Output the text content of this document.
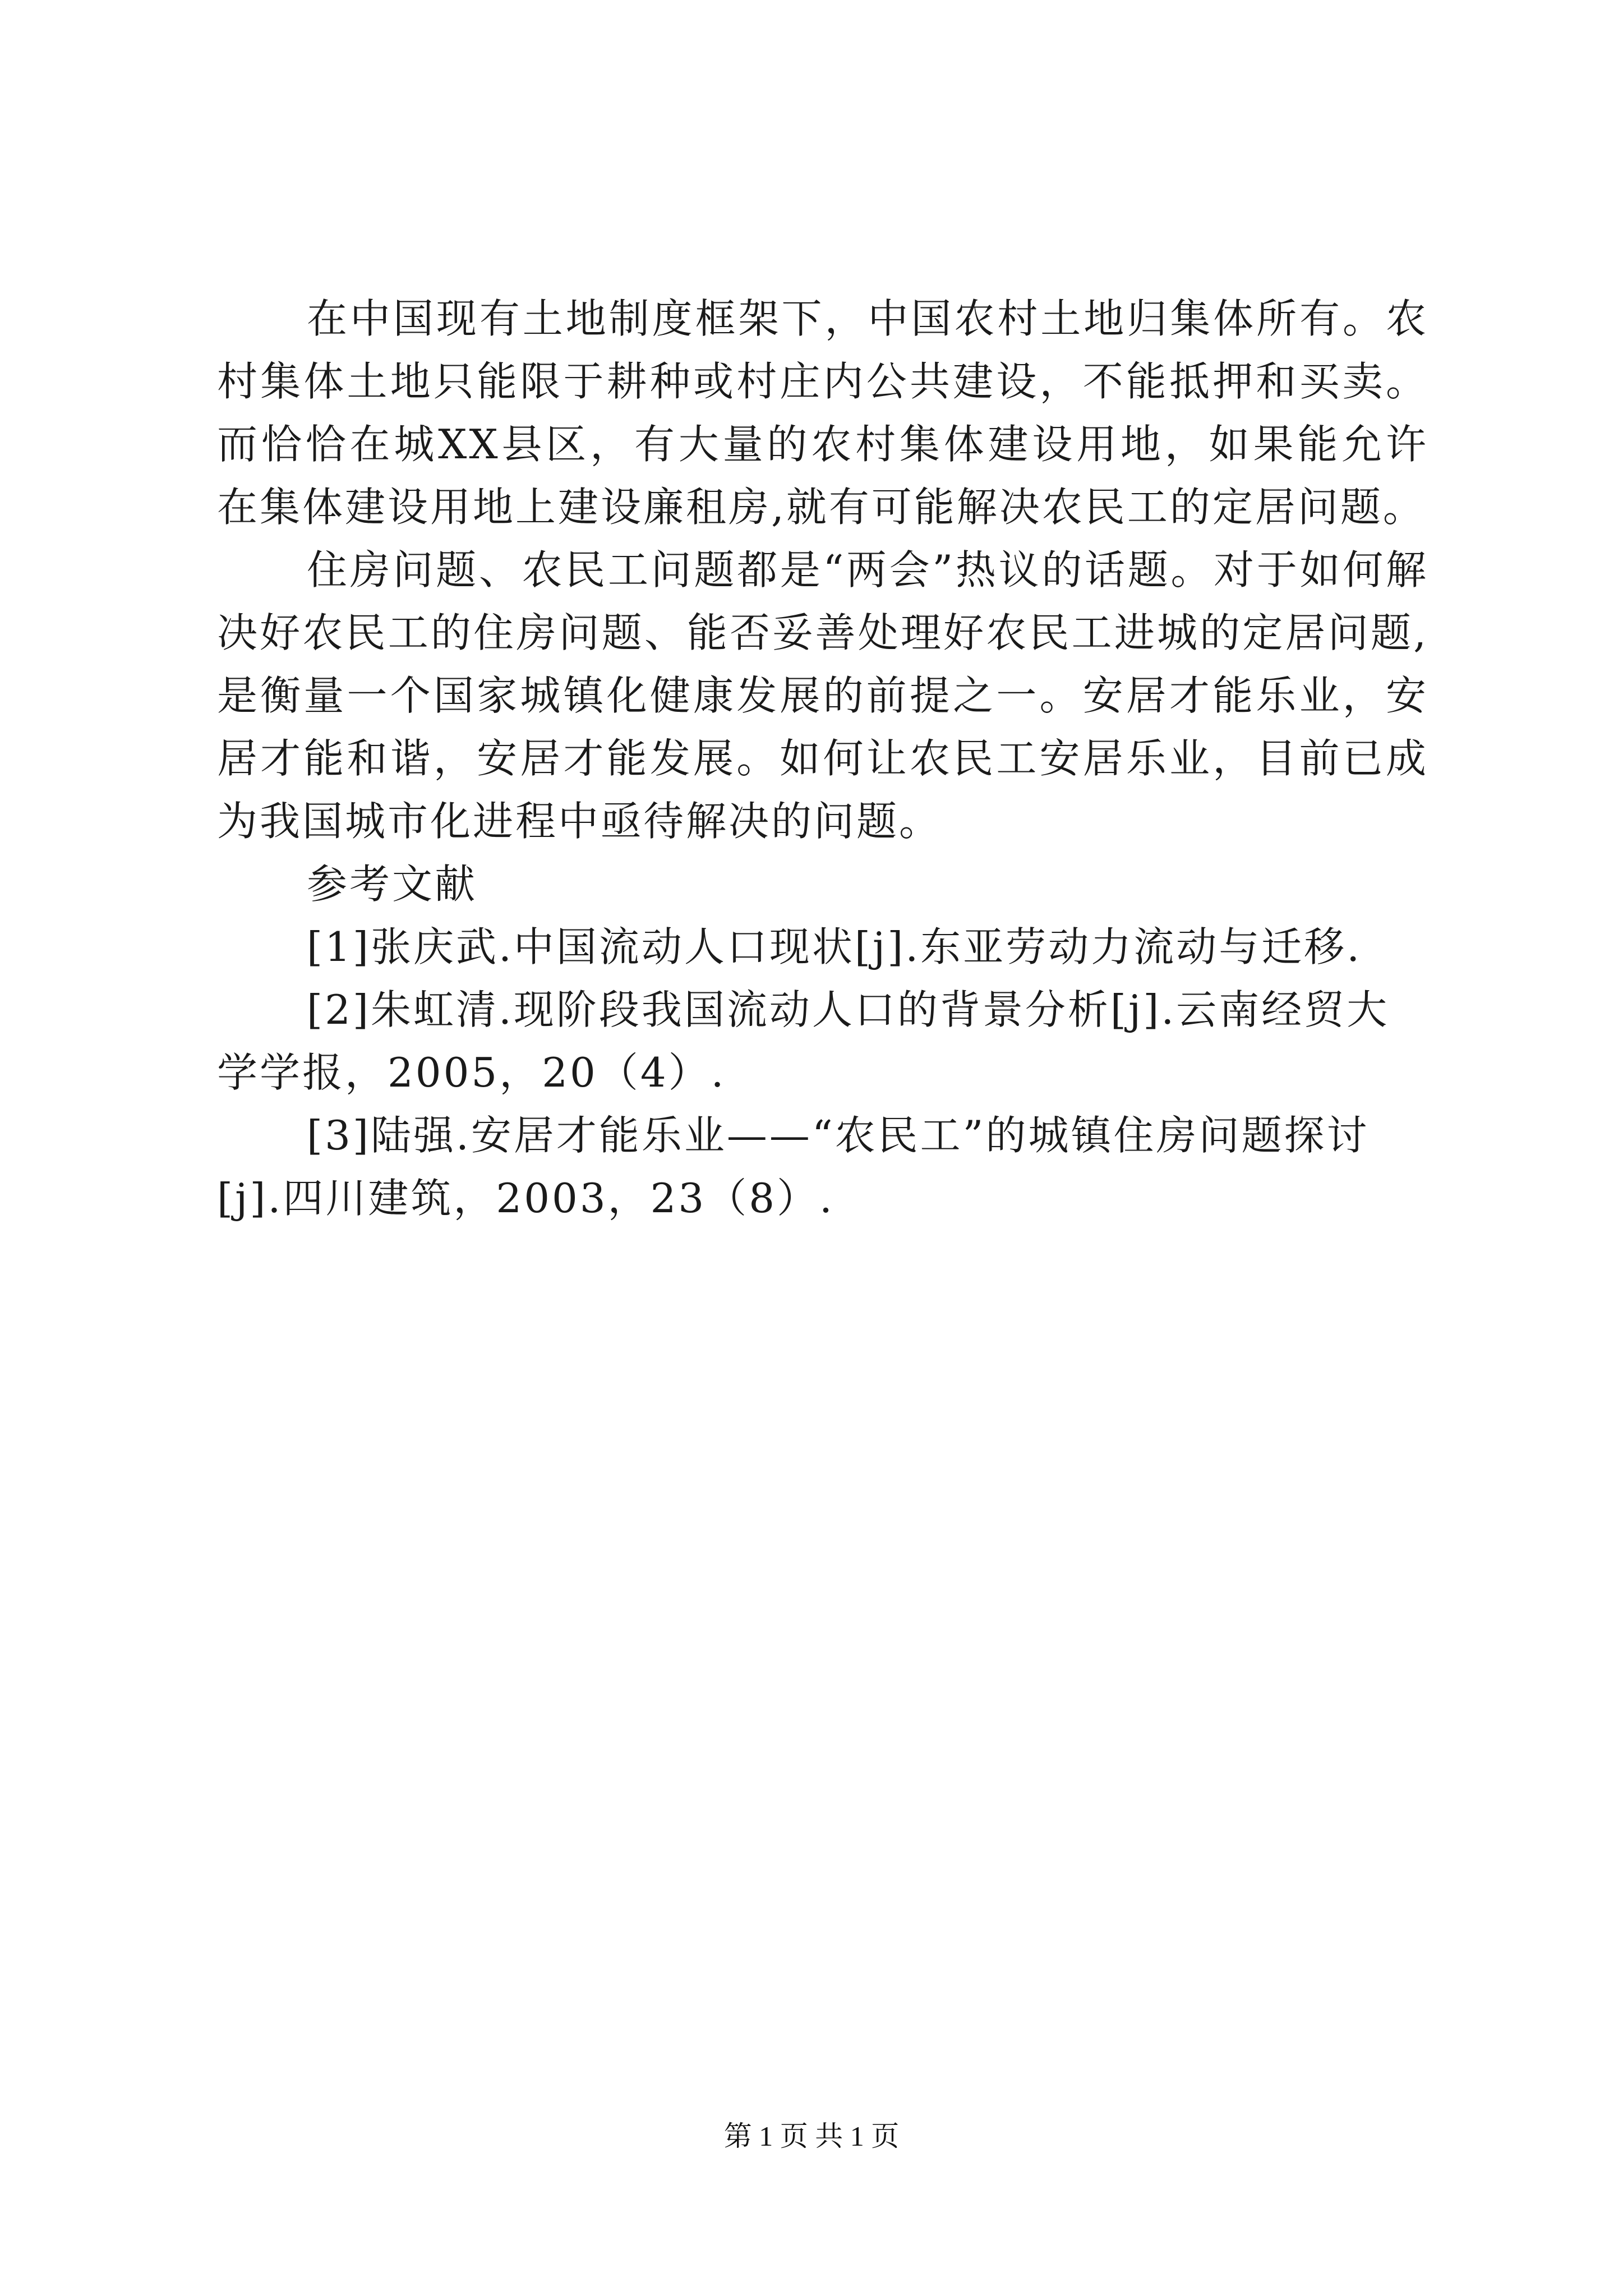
在中国现有土地制度框架下，中国农村土地归集体所有。农村集体土地只能限于耕种或村庄内公共建设，不能抵押和买卖。而恰恰在城XX县区，有大量的农村集体建设用地，如果能允许在集体建设用地上建设廉租房,就有可能解决农民工的定居问题。

住房问题、农民工问题都是“两会”热议的话题。对于如何解决好农民工的住房问题、能否妥善处理好农民工进城的定居问题,是衡量一个国家城镇化健康发展的前提之一。安居才能乐业，安居才能和谐，安居才能发展。如何让农民工安居乐业，目前已成为我国城市化进程中亟待解决的问题。

参考文献

[1]张庆武.中国流动人口现状[j].东亚劳动力流动与迁移.

[2]朱虹清.现阶段我国流动人口的背景分析[j].云南经贸大学学报，2005，20（4）.

[3]陆强.安居才能乐业——“农民工”的城镇住房问题探讨[j].四川建筑，2003，23（8）.

第 1 页 共 1 页
